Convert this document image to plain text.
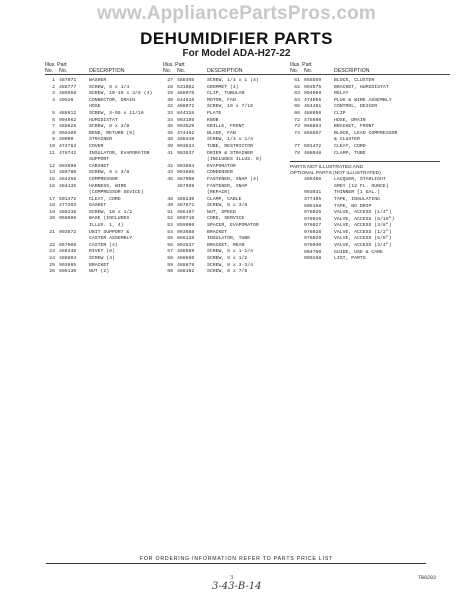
www.AppliancePartsPros.com
DEHUMIDIFIER PARTS
For Model ADA-H27-22
Illus. Part
No. No.	DESCRIPTION
1 487071	WASHER
2 488777	SCREW, 8 x 1/4
3 486558	SCREW, 10-16 x 3/8 (4)
4 40526	CONNECTOR, DRAIN
HOSE
5 488812	SCREW, 3-55 x 11/16
6 994962	HUMIDISTAT
7 488628	SCREW, 8 x 3/8
8 958389	BEND, RETURN (5)
9 49099	STRAINER
10 474763	COVER
11 476742	INSULATOR, EVAPORATOR
SUPPORT
12 993698	CABINET
13 488780	SCREW, 8 x 3/8
15 484256	COMPRESSOR
16 484135	HARNESS, WIRE
(COMPRESSOR DEVICE)
17 501472	CLEAT, CORD
18 477203	GASKET
19 488238	SCREW, 10 x 1/2
20 950998	BASE (INCLUDES
ILLUS. 1, 4)
21 993572	UNIT SUPPORT &
CASTER ASSEMBLY
22 857908	CASTER (4)
23 488448	RIVET (8)
24 488804	SCREW (4)
25 993865	BRACKET
26 606130	NUT (2)
Illus. Part
No. No.	DESCRIPTION
27 488405	SCREW, 1/4 x 1 (4)
28 531082	GROMMET (4)
29 488076	CLIP, TUBULAR
30 844610	MOTOR, FAN
32 488072	SCREW, 10 x 7/16
33 844326	PLATE
34 993196	KNOB
35 993529	GRILLE, FRONT
36 474482	BLADE, FAN
38 488448	SCREW, 1/4 x 1/4
39 993634	TUBE, RESTRICTOR
41 993637	DRIER & STRAINER
(INCLUDES ILLUS. 9)
42 993884	EVAPORATOR
43 993885	CONDENSER
45 487908	FASTENER, SNAP (4)
487989	FASTENER, SNAP
(REPAIR)
48 488230	CLAMP, CABLE
49 487871	SCREW, 8 x 3/8
51 486197	NUT, SPEED
52 850710	CORD, SERVICE
53 859906	SPACER, EVAPORATOR
54 993568	BRACKET
55 868138	INSULATOR, TUBE
56 992537	BRACKET, REAR
57 488569	SCREW, 8 x 1-1/4
58 488660	SCREW, 8 x 1/2
59 488678	SCREW, 8 x 3-3/4
60 488102	SCREW, 8 x 7/8
Illus. Part
No. No.	DESCRIPTION
61 855569	BLOCK, CLUSTER
62 993575	BRACKET, HUMIDISTAT
63 994069	RELAY
64 474056	PLUG & WIRE ASSEMBLY
65 484461	CONTROL, DEICER
66 488056	CLIP
72 475600	HOSE, DRAIN
73 968863	BRACKET, FRONT
74 855657	BLOCK, LEAD COMPRESSOR
& CLUSTER
77 501472	CLEAT, CORD
78 488048	CLAMP, TUBE
PARTS NOT ILLUSTRATED AND
OPTIONAL PARTS (NOT ILLUSTRATED)
485406	LACQUER, STARLIGHT
GREY (12 FL. OUNCE)
993931	THINNER (1 GAL.)
477405	TAPE, INSULATING
505168	TAPE, NO DRIP
978025	VALVE, ACCESS (1/4")
978026	VALVE, ACCESS (5/16")
978027	VALVE, ACCESS (3/8")
978028	VALVE, ACCESS (1/2")
978029	VALVE, ACCESS (5/8")
978030	VALVE, ACCESS (3/4")
994760	GUIDE, USE & CARE
990288	LIST, PARTS
FOR ORDERING INFORMATION REFER TO PARTS PRICE LIST
3	TB0283
3-43-B-14
